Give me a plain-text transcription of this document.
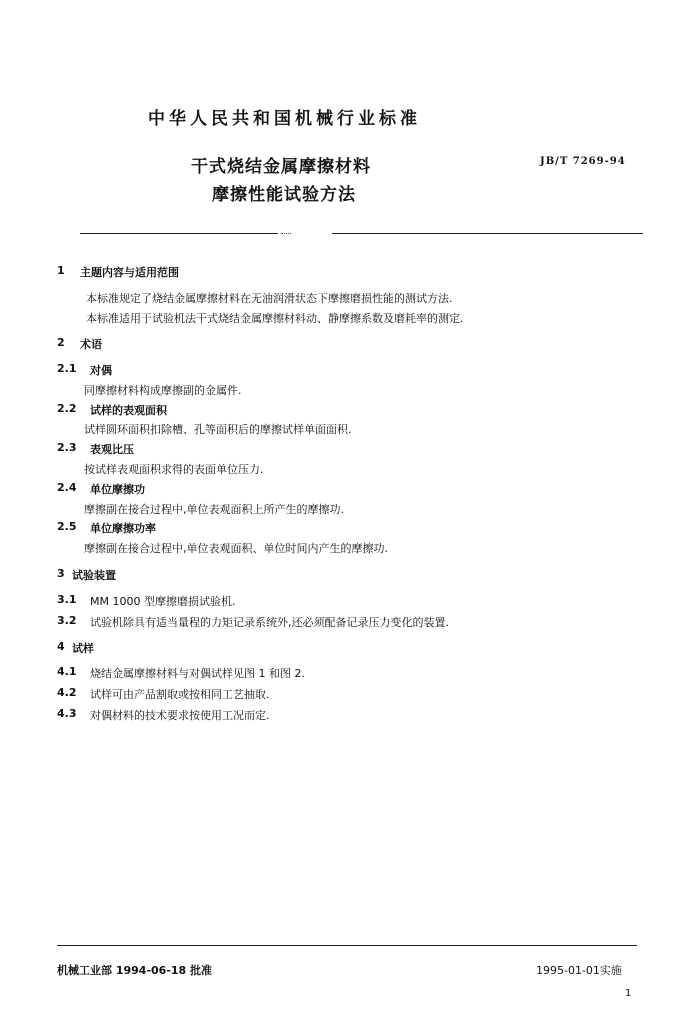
中华人民共和国机械行业标准
干式烧结金属摩擦材料
摩擦性能试验方法
JB/T 7269-94
1 主题内容与适用范围
本标准规定了烧结金属摩擦材料在无油润滑状态下摩擦磨损性能的测试方法.
本标准适用于试验机法干式烧结金属摩擦材料动、静摩擦系数及磨耗率的测定.
2 术语
2.1 对偶
同摩擦材料构成摩擦副的金属件.
2.2 试样的表观面积
试样圆环面积扣除槽、孔等面积后的摩擦试样单面面积.
2.3 表观比压
按试样表观面积求得的表面单位压力.
2.4 单位摩擦功
摩擦副在接合过程中,单位表观面积上所产生的摩擦功.
2.5 单位摩擦功率
摩擦副在接合过程中,单位表观面积、单位时间内产生的摩擦功.
3 试验装置
3.1 MM 1000 型摩擦磨损试验机.
3.2 试验机除具有适当量程的力矩记录系统外,还必须配备记录压力变化的装置.
4 试样
4.1 烧结金属摩擦材料与对偶试样见图 1 和图 2.
4.2 试样可由产品割取或按相同工艺抽取.
4.3 对偶材料的技术要求按使用工况而定.
机械工业部 1994-06-18 批准	1995-01-01实施
1
